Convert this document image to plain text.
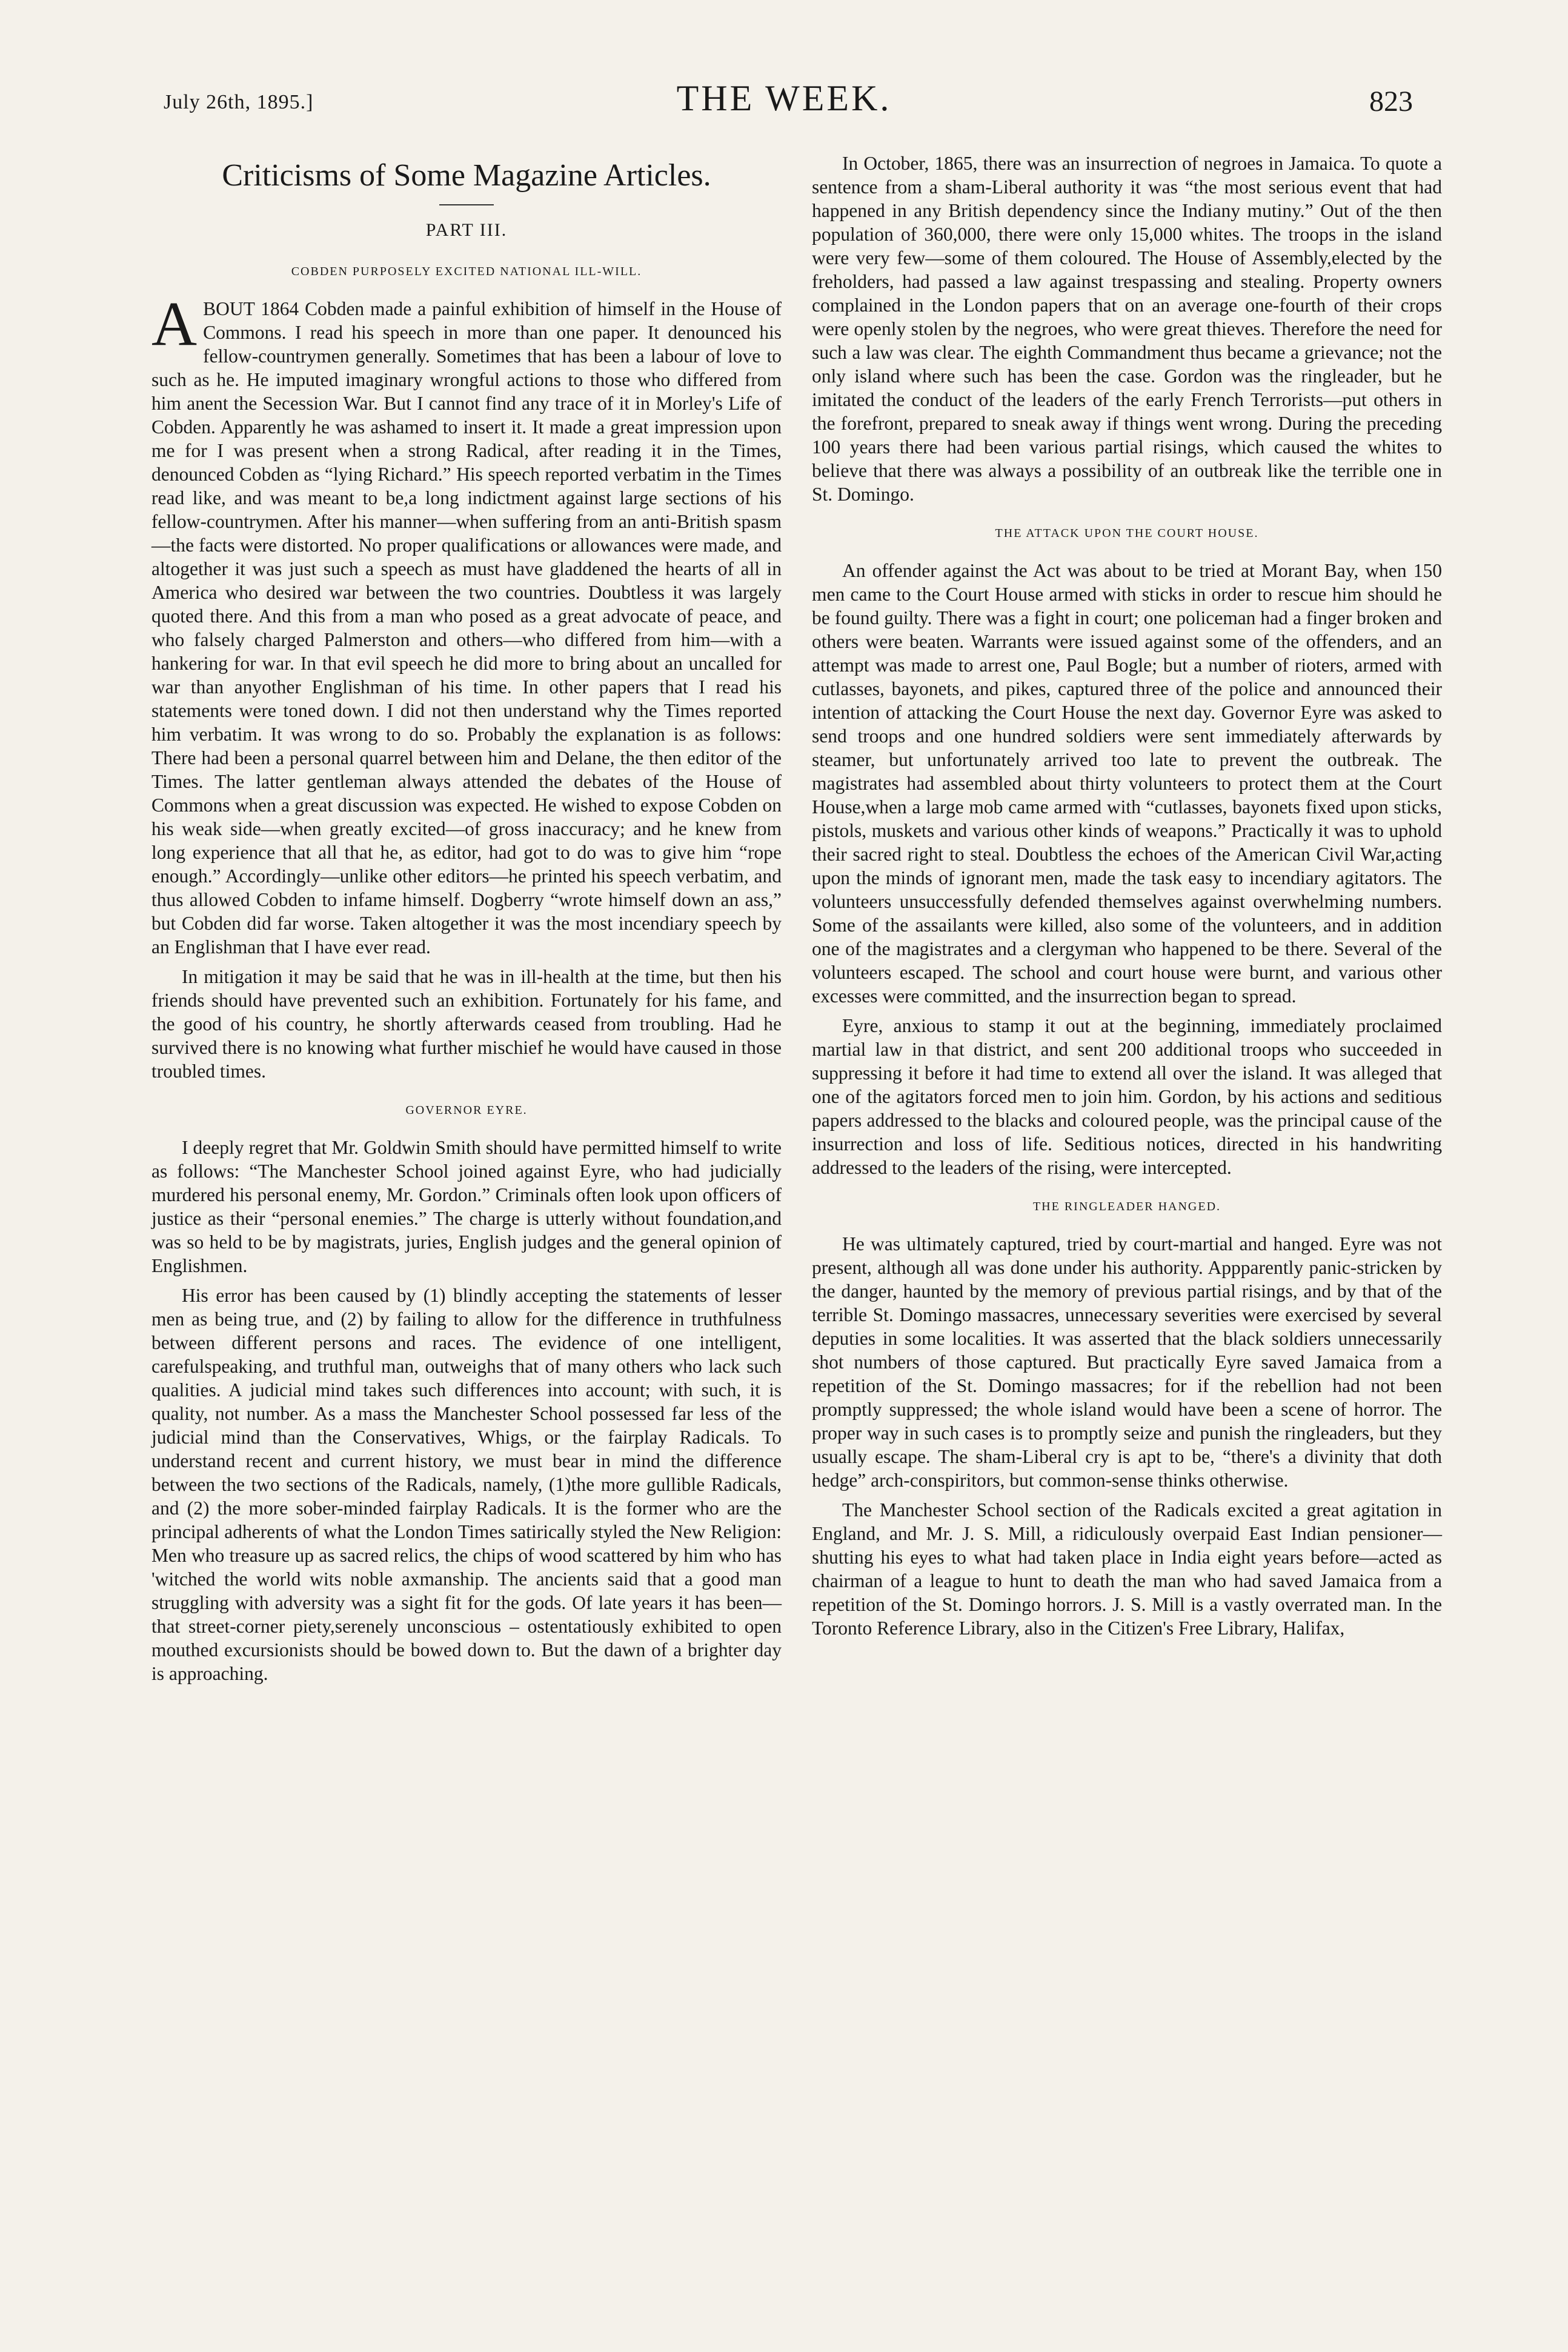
July 26th, 1895.]	THE WEEK.	823
Criticisms of Some Magazine Articles.
PART III.
COBDEN PURPOSELY EXCITED NATIONAL ILL-WILL.

ABOUT 1864 Cobden made a painful exhibition of himself in the House of Commons. I read his speech in more than one paper. It denounced his fellow-countrymen generally. Sometimes that has been a labour of love to such as he. He imputed imaginary wrongful actions to those who differed from him anent the Secession War. But I cannot find any trace of it in Morley's Life of Cobden. Apparently he was ashamed to insert it. It made a great impression upon me for I was present when a strong Radical, after reading it in the Times, denounced Cobden as “lying Richard.” His speech reported verbatim in the Times read like, and was meant to be,a long indictment against large sections of his fellow-countrymen. After his manner—when suffering from an anti-British spasm—the facts were distorted. No proper qualifications or allowances were made, and altogether it was just such a speech as must have gladdened the hearts of all in America who desired war between the two countries. Doubtless it was largely quoted there. And this from a man who posed as a great advocate of peace, and who falsely charged Palmerston and others—who differed from him—with a hankering for war. In that evil speech he did more to bring about an uncalled for war than anyother Englishman of his time. In other papers that I read his statements were toned down. I did not then understand why the Times reported him verbatim. It was wrong to do so. Probably the explanation is as follows: There had been a personal quarrel between him and Delane, the then editor of the Times. The latter gentleman always attended the debates of the House of Commons when a great discussion was expected. He wished to expose Cobden on his weak side—when greatly excited—of gross inaccuracy; and he knew from long experience that all that he, as editor, had got to do was to give him “rope enough.” Accordingly—unlike other editors—he printed his speech verbatim, and thus allowed Cobden to infame himself. Dogberry “wrote himself down an ass,” but Cobden did far worse. Taken altogether it was the most incendiary speech by an Englishman that I have ever read.

In mitigation it may be said that he was in ill-health at the time, but then his friends should have prevented such an exhibition. Fortunately for his fame, and the good of his country, he shortly afterwards ceased from troubling. Had he survived there is no knowing what further mischief he would have caused in those troubled times.

GOVERNOR EYRE.

I deeply regret that Mr. Goldwin Smith should have permitted himself to write as follows: “The Manchester School joined against Eyre, who had judicially murdered his personal enemy, Mr. Gordon.” Criminals often look upon officers of justice as their “personal enemies.” The charge is utterly without foundation,and was so held to be by magistrats, juries, English judges and the general opinion of Englishmen.

His error has been caused by (1) blindly accepting the statements of lesser men as being true, and (2) by failing to allow for the difference in truthfulness between different persons and races. The evidence of one intelligent, carefulspeaking, and truthful man, outweighs that of many others who lack such qualities. A judicial mind takes such differences into account; with such, it is quality, not number. As a mass the Manchester School possessed far less of the judicial mind than the Conservatives, Whigs, or the fairplay Radicals. To understand recent and current history, we must bear in mind the difference between the two sections of the Radicals, namely, (1)the more gullible Radicals, and (2) the more sober-minded fairplay Radicals. It is the former who are the principal adherents of what the London Times satirically styled the New Religion: Men who treasure up as sacred relics, the chips of wood scattered by him who has 'witched the world wits noble axmanship. The ancients said that a good man struggling with adversity was a sight fit for the gods. Of late years it has been—that street-corner piety,serenely unconscious – ostentatiously exhibited to open mouthed excursionists should be bowed down to. But the dawn of a brighter day is approaching.

In October, 1865, there was an insurrection of negroes in Jamaica. To quote a sentence from a sham-Liberal authority it was “the most serious event that had happened in any British dependency since the Indiany mutiny.” Out of the then population of 360,000, there were only 15,000 whites. The troops in the island were very few—some of them coloured. The House of Assembly,elected by the freholders, had passed a law against trespassing and stealing. Property owners complained in the London papers that on an average one-fourth of their crops were openly stolen by the negroes, who were great thieves. Therefore the need for such a law was clear. The eighth Commandment thus became a grievance; not the only island where such has been the case. Gordon was the ringleader, but he imitated the conduct of the leaders of the early French Terrorists—put others in the forefront, prepared to sneak away if things went wrong. During the preceding 100 years there had been various partial risings, which caused the whites to believe that there was always a possibility of an outbreak like the terrible one in St. Domingo.

THE ATTACK UPON THE COURT HOUSE.

An offender against the Act was about to be tried at Morant Bay, when 150 men came to the Court House armed with sticks in order to rescue him should he be found guilty. There was a fight in court; one policeman had a finger broken and others were beaten. Warrants were issued against some of the offenders, and an attempt was made to arrest one, Paul Bogle; but a number of rioters, armed with cutlasses, bayonets, and pikes, captured three of the police and announced their intention of attacking the Court House the next day. Governor Eyre was asked to send troops and one hundred soldiers were sent immediately afterwards by steamer, but unfortunately arrived too late to prevent the outbreak. The magistrates had assembled about thirty volunteers to protect them at the Court House,when a large mob came armed with “cutlasses, bayonets fixed upon sticks, pistols, muskets and various other kinds of weapons.” Practically it was to uphold their sacred right to steal. Doubtless the echoes of the American Civil War,acting upon the minds of ignorant men, made the task easy to incendiary agitators. The volunteers unsuccessfully defended themselves against overwhelming numbers. Some of the assailants were killed, also some of the volunteers, and in addition one of the magistrates and a clergyman who happened to be there. Several of the volunteers escaped. The school and court house were burnt, and various other excesses were committed, and the insurrection began to spread.

Eyre, anxious to stamp it out at the beginning, immediately proclaimed martial law in that district, and sent 200 additional troops who succeeded in suppressing it before it had time to extend all over the island. It was alleged that one of the agitators forced men to join him. Gordon, by his actions and seditious papers addressed to the blacks and coloured people, was the principal cause of the insurrection and loss of life. Seditious notices, directed in his handwriting addressed to the leaders of the rising, were intercepted.

THE RINGLEADER HANGED.

He was ultimately captured, tried by court-martial and hanged. Eyre was not present, although all was done under his authority. Appparently panic-stricken by the danger, haunted by the memory of previous partial risings, and by that of the terrible St. Domingo massacres, unnecessary severities were exercised by several deputies in some localities. It was asserted that the black soldiers unnecessarily shot numbers of those captured. But practically Eyre saved Jamaica from a repetition of the St. Domingo massacres; for if the rebellion had not been promptly suppressed; the whole island would have been a scene of horror. The proper way in such cases is to promptly seize and punish the ringleaders, but they usually escape. The sham-Liberal cry is apt to be, “there's a divinity that doth hedge” arch-conspiritors, but common-sense thinks otherwise.

The Manchester School section of the Radicals excited a great agitation in England, and Mr. J. S. Mill, a ridiculously overpaid East Indian pensioner—shutting his eyes to what had taken place in India eight years before—acted as chairman of a league to hunt to death the man who had saved Jamaica from a repetition of the St. Domingo horrors. J. S. Mill is a vastly overrated man. In the Toronto Reference Library, also in the Citizen's Free Library, Halifax,
